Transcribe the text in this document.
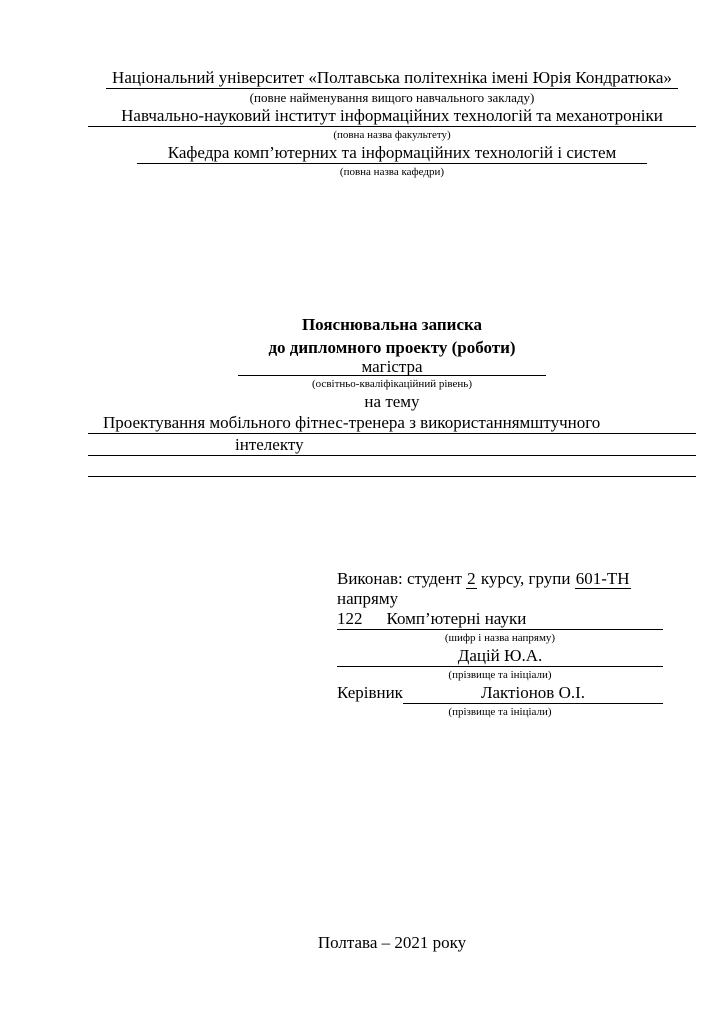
Національний університет «Полтавська політехніка імені Юрія Кондратюка»
(повне найменування вищого навчального закладу)
Навчально-науковий інститут інформаційних технологій та механотроніки
(повна назва факультету)
Кафедра комп’ютерних та інформаційних технологій і систем
(повна назва кафедри)
Пояснювальна записка
до дипломного проекту (роботи)
магістра
(освітньо-кваліфікаційний рівень)
на тему
Проектування мобільного фітнес-тренера з використаннямштучного
інтелекту
Виконав: студент 2 курсу, групи 601-ТН
напряму
122 Комп’ютерні науки
(шифр і назва напряму)
Дацій Ю.А.
(прізвище та ініціали)
Керівник	Лактіонов О.І.
(прізвище та ініціали)
Полтава – 2021 року
